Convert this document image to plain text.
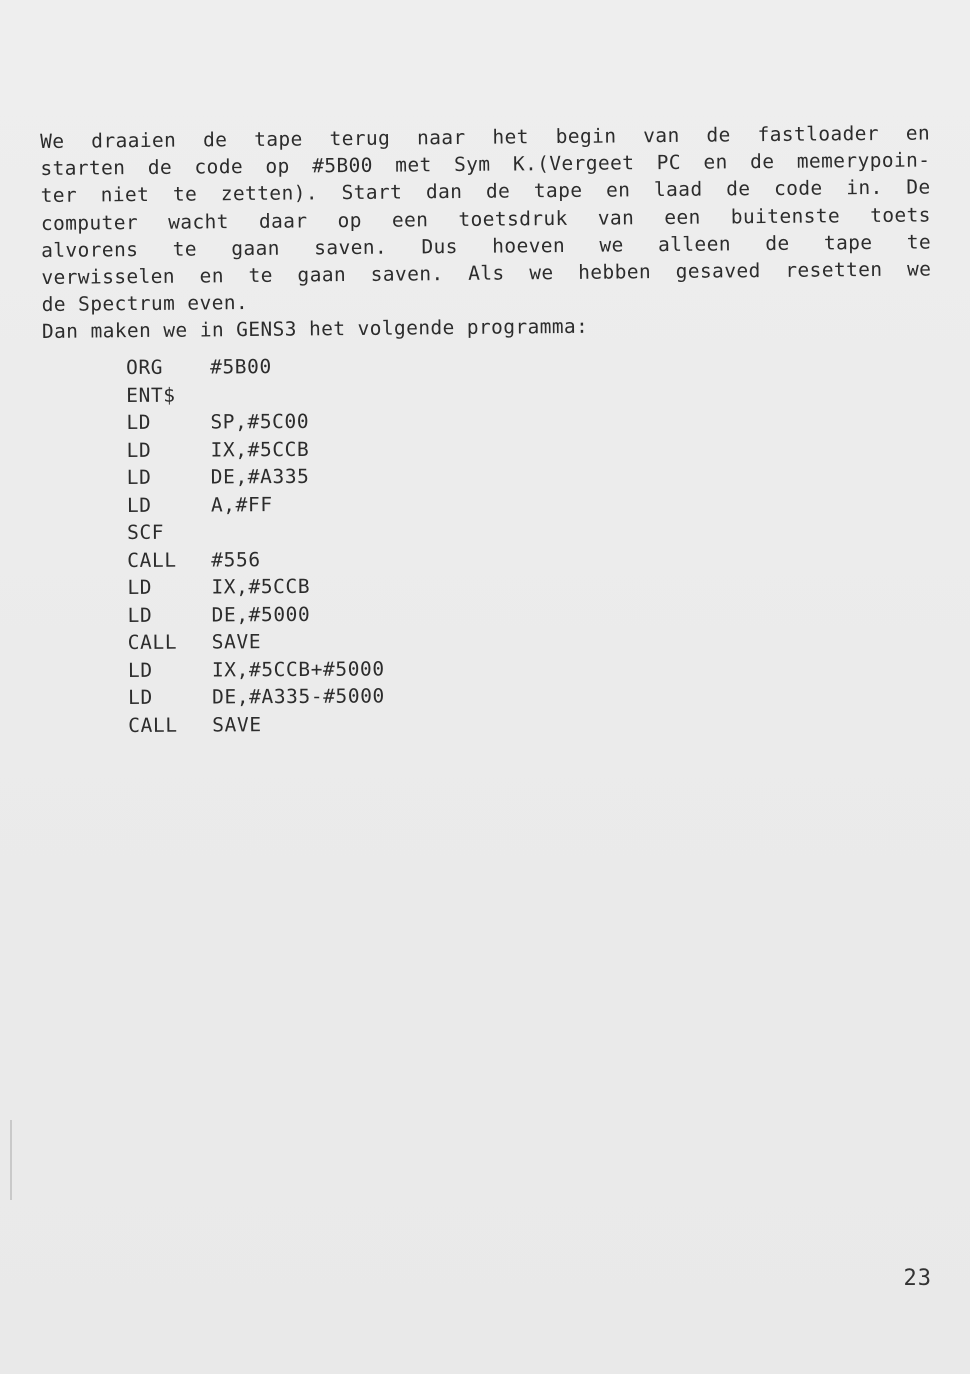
We draaien de tape terug naar het begin van de fastloader en
starten de code op #5B00 met Sym K.(Vergeet PC en de memerypoin-
ter niet te zetten). Start dan de tape en laad de code in. De
computer wacht daar op een toetsdruk van een buitenste toets
alvorens te gaan saven. Dus hoeven we alleen de tape te
verwisselen en te gaan saven. Als we hebben gesaved resetten we
de Spectrum even.
Dan maken we in GENS3 het volgende programma:
ORG	#5B00
ENT$
LD	SP,#5C00
LD	IX,#5CCB
LD	DE,#A335
LD	A,#FF
SCF
CALL	#556
LD	IX,#5CCB
LD	DE,#5000
CALL	SAVE
LD	IX,#5CCB+#5000
LD	DE,#A335-#5000
CALL	SAVE
23
